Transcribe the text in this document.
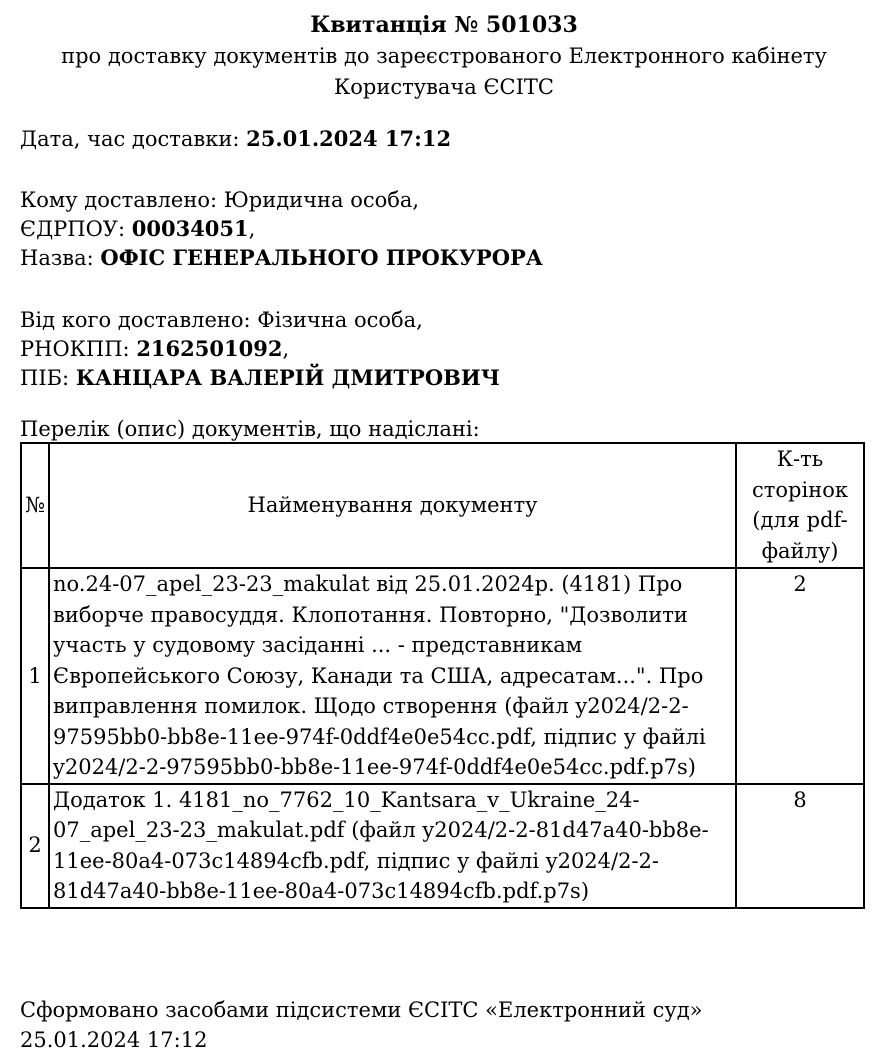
Квитанція № 501033
про доставку документів до зареєстрованого Електронного кабінету
Користувача ЄСІТС
Дата, час доставки: 25.01.2024 17:12
Кому доставлено: Юридична особа,
ЄДРПОУ: 00034051,
Назва: ОФІС ГЕНЕРАЛЬНОГО ПРОКУРОРА
Від кого доставлено: Фізична особа,
РНОКПП: 2162501092,
ПІБ: КАНЦАРА ВАЛЕРІЙ ДМИТРОВИЧ
Перелік (опис) документів, що надіслані:
№	Найменування документу	К-ть сторінок (для pdf-файлу)
1	no.24-07_apel_23-23_makulat від 25.01.2024р. (4181) Про виборче правосуддя. Клопотання. Повторно, "Дозволити участь у судовому засіданні ... - представникам Європейського Союзу, Канади та США, адресатам...". Про виправлення помилок. Щодо створення (файл y2024/2-2-97595bb0-bb8e-11ee-974f-0ddf4e0e54cc.pdf, підпис у файлі y2024/2-2-97595bb0-bb8e-11ee-974f-0ddf4e0e54cc.pdf.p7s)	2
2	Додаток 1. 4181_no_7762_10_Kantsara_v_Ukraine_24-07_apel_23-23_makulat.pdf (файл y2024/2-2-81d47a40-bb8e-11ee-80a4-073c14894cfb.pdf, підпис у файлі y2024/2-2-81d47a40-bb8e-11ee-80a4-073c14894cfb.pdf.p7s)	8
Сформовано засобами підсистеми ЄСІТС «Електронний суд»
25.01.2024 17:12
